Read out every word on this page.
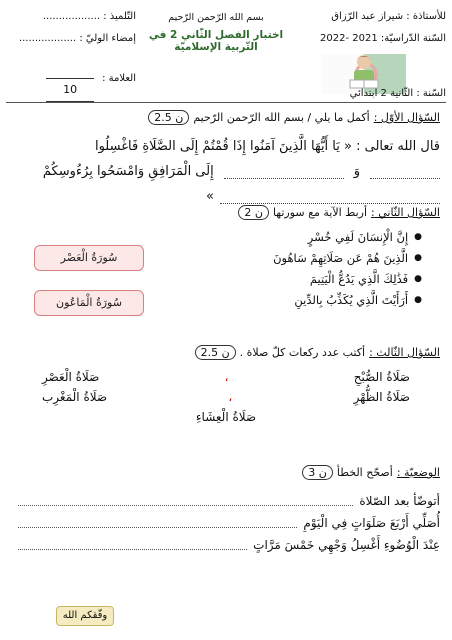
للأستاذة : شيراز عبد الرّزاق
السّنة الدّراسيّة: 2021 -2022
بسم الله الرّحمن الرّحيم
اختبار الفصل الثّاني 2 في التّربية الإسلاميّة
التّلميذ : ..................
إمضاء الوليّ : ..................
العلامة :

10	السّنة : الثّانية 2 ابتدائي
السّؤال الأوّل :
أكمل ما يلي / بسم الله الرّحمن الرّحيم
2.5 ن
قال الله تعالى : « يَا أَيُّهَا الَّذِينَ آمَنُوا إِذَا قُمْتُمْ إِلَى الصَّلَاةِ فَاغْسِلُوا
وَ
إِلَى الْمَرَافِقِ وَامْسَحُوا بِرُءُوسِكُمْ
»
السّؤال الثّاني :
أربط الآية مع سورتها
2 ن
● إِنَّ الْإِنسَانَ لَفِي خُسْرٍ
● الَّذِينَ هُمْ عَن صَلَاتِهِمْ سَاهُونَ
● فَذَٰلِكَ الَّذِي يَدُعُّ الْيَتِيمَ
● أَرَأَيْتَ الَّذِي يُكَذِّبُ بِالدِّينِ
سُورَةُ الْعَصْر
سُورَةُ الْمَاعُون
السّؤال الثّالث :
أكتب عدد ركعات كلّ صلاة .
2.5 ن
صَلَاةُ الصُّبْحِ
،
صَلَاةُ الْعَصْرِ
صَلَاةُ الظُّهْرِ
،
صَلَاةُ الْمَغْرِب
صَلَاةُ الْعِشَاءِ
الوضعيّة :
أصحّح الخطأ
3 ن
أتوضّأ بعد الصّلاة
أُصَلِّي أَرْبَعَ صَلَوَاتٍ فِي الْيَوْمِ
عِنْدَ الْوُضُوءِ أَغْسِلُ وَجْهِي خَمْسَ مَرَّاتٍ
وفّقكم الله
